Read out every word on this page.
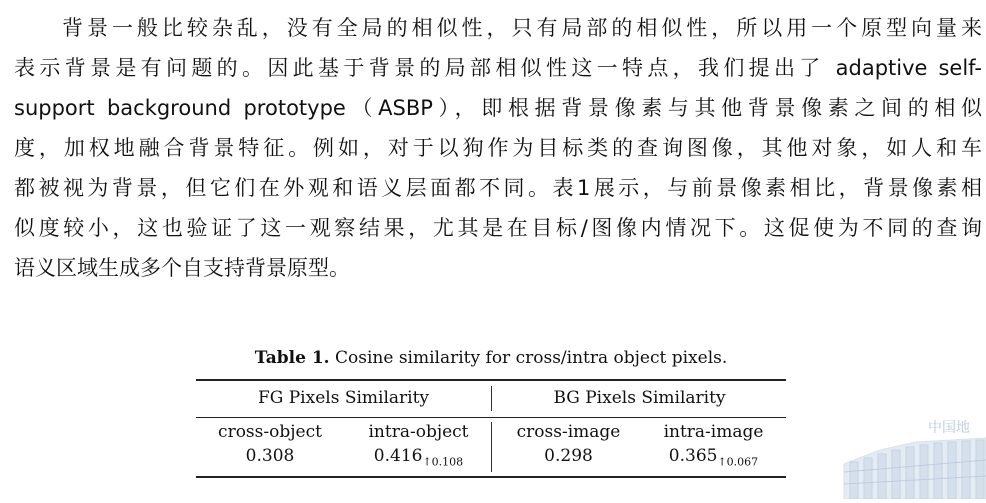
背景一般比较杂乱，没有全局的相似性，只有局部的相似性，所以用一个原型向量来
表示背景是有问题的。因此基于背景的局部相似性这一特点，我们提出了 adaptive self-
support background prototype（ASBP），即根据背景像素与其他背景像素之间的相似
度，加权地融合背景特征。例如，对于以狗作为目标类的查询图像，其他对象，如人和车
都被视为背景，但它们在外观和语义层面都不同。表1展示，与前景像素相比，背景像素相
似度较小，这也验证了这一观察结果，尤其是在目标/图像内情况下。这促使为不同的查询
语义区域生成多个自支持背景原型。
Table 1. Cosine similarity for cross/intra object pixels.
FG Pixels Similarity	BG Pixels Similarity
cross-object
0.308
intra-object
$0.416_{↑0.108}$
cross-image
0.298
intra-image
$0.365_{↑0.067}$
中国地
